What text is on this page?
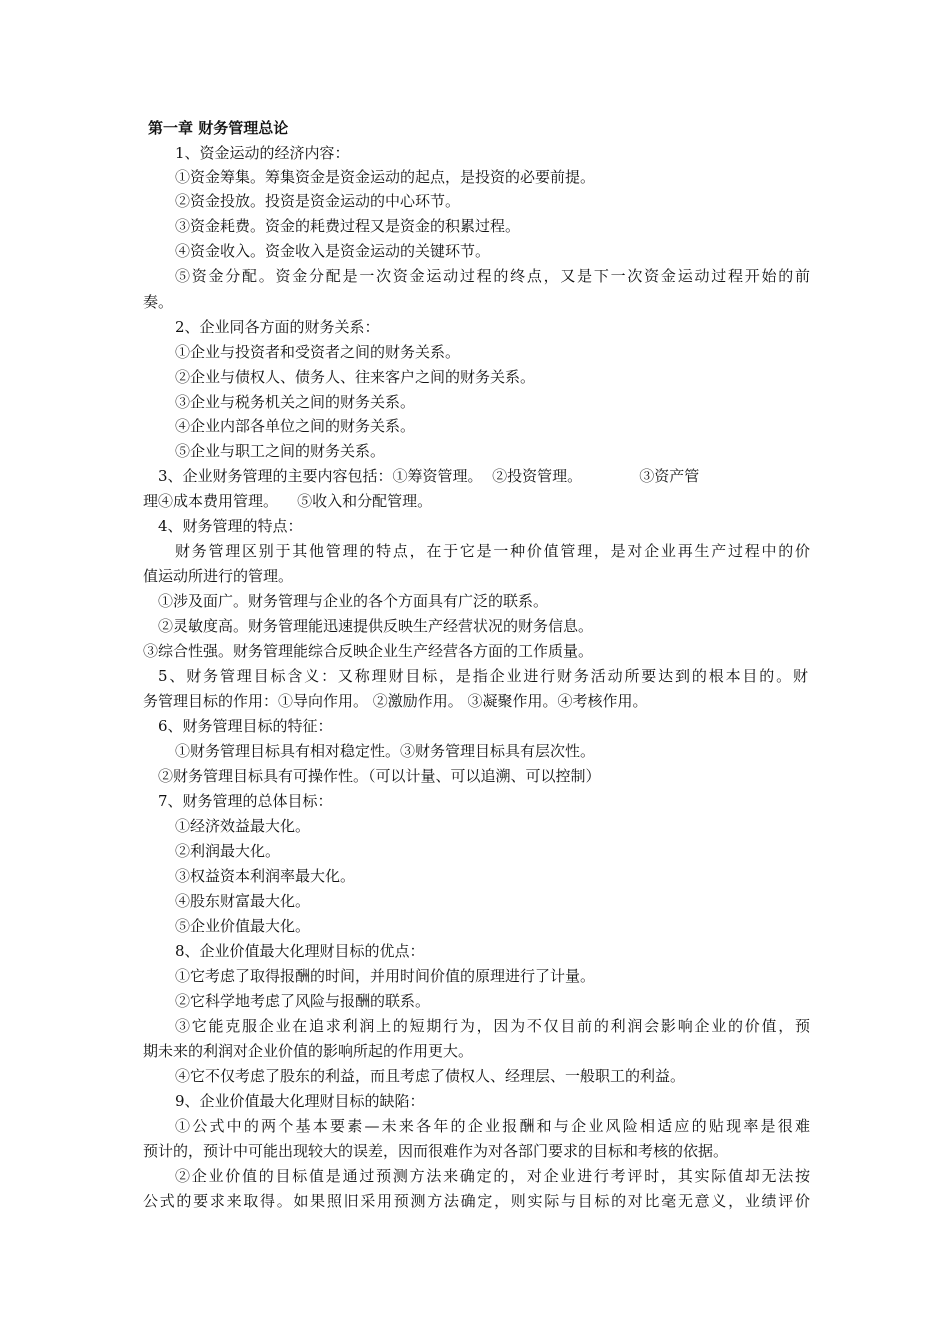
第一章 财务管理总论
1、资金运动的经济内容：
①资金筹集。筹集资金是资金运动的起点，是投资的必要前提。
②资金投放。投资是资金运动的中心环节。
③资金耗费。资金的耗费过程又是资金的积累过程。
④资金收入。资金收入是资金运动的关键环节。
⑤资金分配。资金分配是一次资金运动过程的终点，又是下一次资金运动过程开始的前
奏。
2、企业同各方面的财务关系：
①企业与投资者和受资者之间的财务关系。
②企业与债权人、债务人、往来客户之间的财务关系。
③企业与税务机关之间的财务关系。
④企业内部各单位之间的财务关系。
⑤企业与职工之间的财务关系。
3、企业财务管理的主要内容包括：①筹资管理。  ②投资管理。            ③资产管
理④成本费用管理。    ⑤收入和分配管理。
4、财务管理的特点：
财务管理区别于其他管理的特点，在于它是一种价值管理，是对企业再生产过程中的价
值运动所进行的管理。
①涉及面广。财务管理与企业的各个方面具有广泛的联系。
②灵敏度高。财务管理能迅速提供反映生产经营状况的财务信息。
③综合性强。财务管理能综合反映企业生产经营各方面的工作质量。
5、财务管理目标含义：又称理财目标，是指企业进行财务活动所要达到的根本目的。财
务管理目标的作用：①导向作用。 ②激励作用。 ③凝聚作用。④考核作用。
6、财务管理目标的特征：
①财务管理目标具有相对稳定性。③财务管理目标具有层次性。
②财务管理目标具有可操作性。（可以计量、可以追溯、可以控制）
7、财务管理的总体目标：
①经济效益最大化。
②利润最大化。
③权益资本利润率最大化。
④股东财富最大化。
⑤企业价值最大化。
8、企业价值最大化理财目标的优点：
①它考虑了取得报酬的时间，并用时间价值的原理进行了计量。
②它科学地考虑了风险与报酬的联系。
③它能克服企业在追求利润上的短期行为，因为不仅目前的利润会影响企业的价值，预
期未来的利润对企业价值的影响所起的作用更大。
④它不仅考虑了股东的利益，而且考虑了债权人、经理层、一般职工的利益。
9、企业价值最大化理财目标的缺陷：
①公式中的两个基本要素—未来各年的企业报酬和与企业风险相适应的贴现率是很难
预计的，预计中可能出现较大的误差，因而很难作为对各部门要求的目标和考核的依据。
②企业价值的目标值是通过预测方法来确定的，对企业进行考评时，其实际值却无法按
公式的要求来取得。如果照旧采用预测方法确定，则实际与目标的对比毫无意义，业绩评价
